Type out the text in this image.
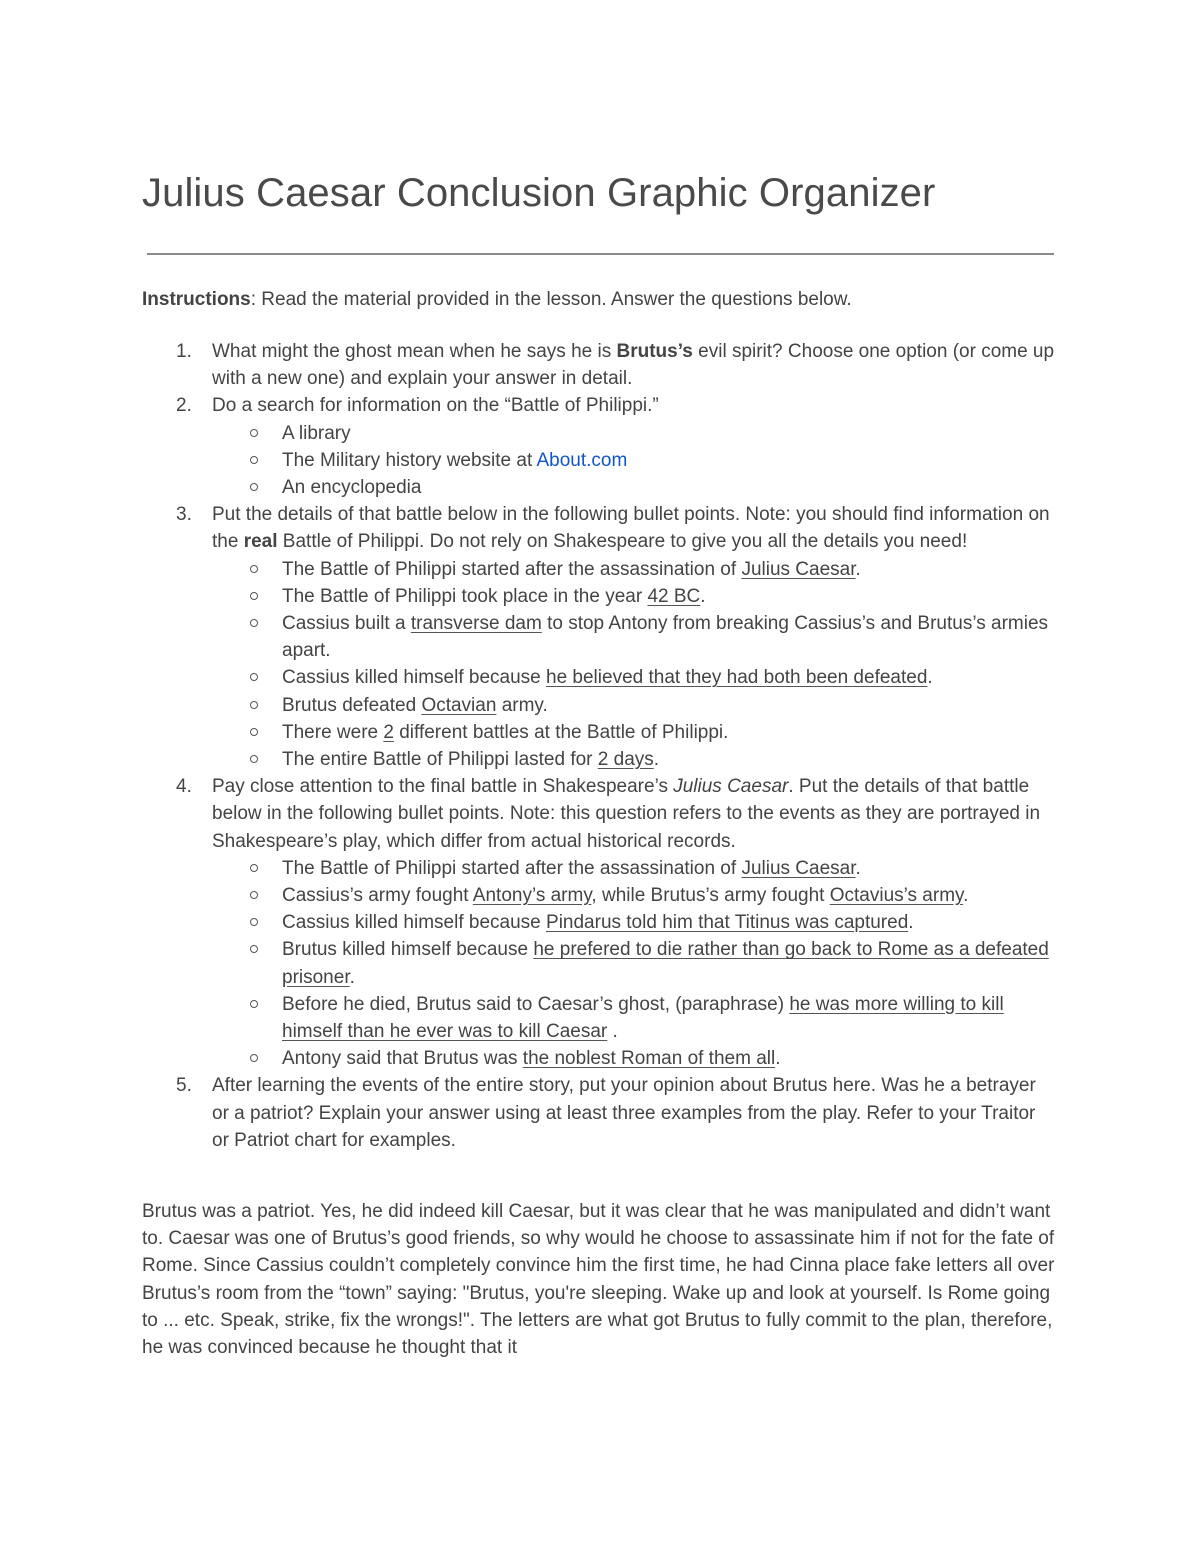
Julius Caesar Conclusion Graphic Organizer

Instructions: Read the material provided in the lesson. Answer the questions below.

1. What might the ghost mean when he says he is Brutus’s evil spirit? Choose one option (or come up with a new one) and explain your answer in detail.
2. Do a search for information on the “Battle of Philippi.”
A library
The Military history website at About.com
An encyclopedia
3. Put the details of that battle below in the following bullet points. Note: you should find information on the real Battle of Philippi. Do not rely on Shakespeare to give you all the details you need!
The Battle of Philippi started after the assassination of Julius Caesar.
The Battle of Philippi took place in the year 42 BC.
Cassius built a transverse dam to stop Antony from breaking Cassius’s and Brutus’s armies apart.
Cassius killed himself because he believed that they had both been defeated.
Brutus defeated Octavian army.
There were 2 different battles at the Battle of Philippi.
The entire Battle of Philippi lasted for 2 days.
4. Pay close attention to the final battle in Shakespeare’s Julius Caesar. Put the details of that battle below in the following bullet points. Note: this question refers to the events as they are portrayed in Shakespeare’s play, which differ from actual historical records.
The Battle of Philippi started after the assassination of Julius Caesar.
Cassius’s army fought Antony’s army, while Brutus’s army fought Octavius’s army.
Cassius killed himself because Pindarus told him that Titinus was captured.
Brutus killed himself because he prefered to die rather than go back to Rome as a defeated prisoner.
Before he died, Brutus said to Caesar’s ghost, (paraphrase) he was more willing to kill himself than he ever was to kill Caesar .
Antony said that Brutus was the noblest Roman of them all.
5. After learning the events of the entire story, put your opinion about Brutus here. Was he a betrayer or a patriot? Explain your answer using at least three examples from the play. Refer to your Traitor or Patriot chart for examples.

Brutus was a patriot. Yes, he did indeed kill Caesar, but it was clear that he was manipulated and didn’t want to. Caesar was one of Brutus’s good friends, so why would he choose to assassinate him if not for the fate of Rome. Since Cassius couldn’t completely convince him the first time, he had Cinna place fake letters all over Brutus’s room from the “town” saying: "Brutus, you're sleeping. Wake up and look at yourself. Is Rome going to ... etc. Speak, strike, fix the wrongs!". The letters are what got Brutus to fully commit to the plan, therefore, he was convinced because he thought that it
